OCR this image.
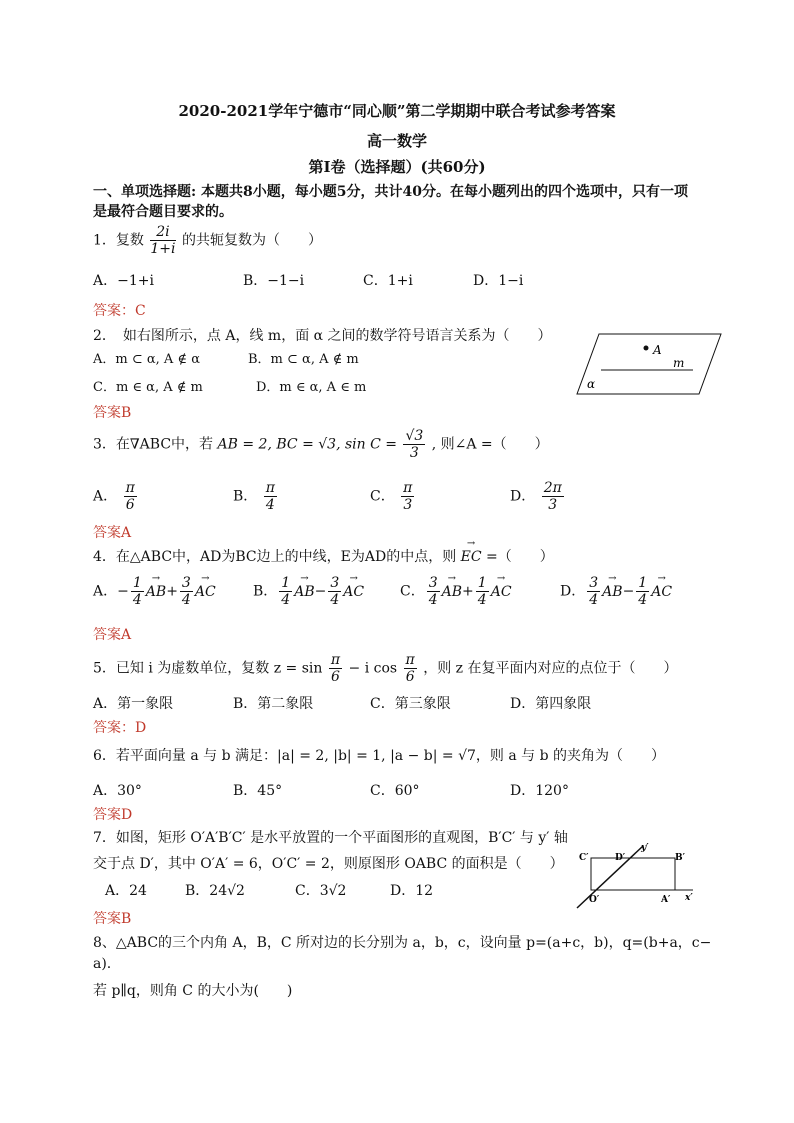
2020-2021学年宁德市“同心顺”第二学期期中联合考试参考答案
高一数学
第Ⅰ卷（选择题）(共60分)
一、单项选择题: 本题共8小题，每小题5分，共计40分。在每小题列出的四个选项中，只有一项
是最符合题目要求的。
1．复数 $\frac{2i}{1+i}$ 的共轭复数为（　　）
A．−1+i	B．−1−i	C．1+i	D．1−i
答案：C
2．　如右图所示，点 A，线 m，面 α 之间的数学符号语言关系为（　　）
A．m ⊂ α, A ∉ α	B．m ⊂ α, A ∉ m
C．m ∈ α, A ∉ m	D．m ∈ α, A ∈ m
答案B
A
m
α
3．在∇ABC中，若 AB = 2, BC = √3, $\sin C = \frac{√3}{3}$ , 则∠A =（　　）
A． $\frac{\pi}{6}$	B． $\frac{\pi}{4}$	C． $\frac{\pi}{3}$	D． $\frac{2\pi}{3}$
答案A
4．在△ABC中，AD为BC边上的中线，E为AD的中点，则 → EC =（　　）
A．− $\frac{1}{4}$
→ $AB+ \frac{3}{4}$
→ AC	B． $\frac{1}{4}$
→ $AB- \frac{3}{4}$
→ AC	C． $\frac{3}{4}$
→ $AB+ \frac{1}{4}$
→ AC	D． $\frac{3}{4}$
→ $AB- \frac{1}{4}$
→ AC
答案A
5．已知 i 为虚数单位，复数 $z = \sin \frac{\pi}{6} - i$ $\cos \frac{\pi}{6}$ ，则 z 在复平面内对应的点位于（　　）
A．第一象限	B．第二象限	C．第三象限	D．第四象限
答案：D
6．若平面向量 a 与 b 满足：|a| = 2, |b| = 1, |a − b| = √7，则 a 与 b 的夹角为（　　）
A．30°	B．45°	C．60°	D．120°
答案D
7．如图，矩形 O′A′B′C′ 是水平放置的一个平面图形的直观图，B′C′ 与 y′ 轴
交于点 D′，其中 O′A′ = 6，O′C′ = 2，则原图形 OABC 的面积是（　　）
A．24	B．24√2	C．3√2	D．12
答案B
C′	D′
y′
B′
O′	A′ x′
8、△ABC的三个内角 A，B，C 所对边的长分别为 a，b，c，设向量 p=(a+c，b)，q=(b+a，c−
a).
若 p∥q，则角 C 的大小为(　　)
